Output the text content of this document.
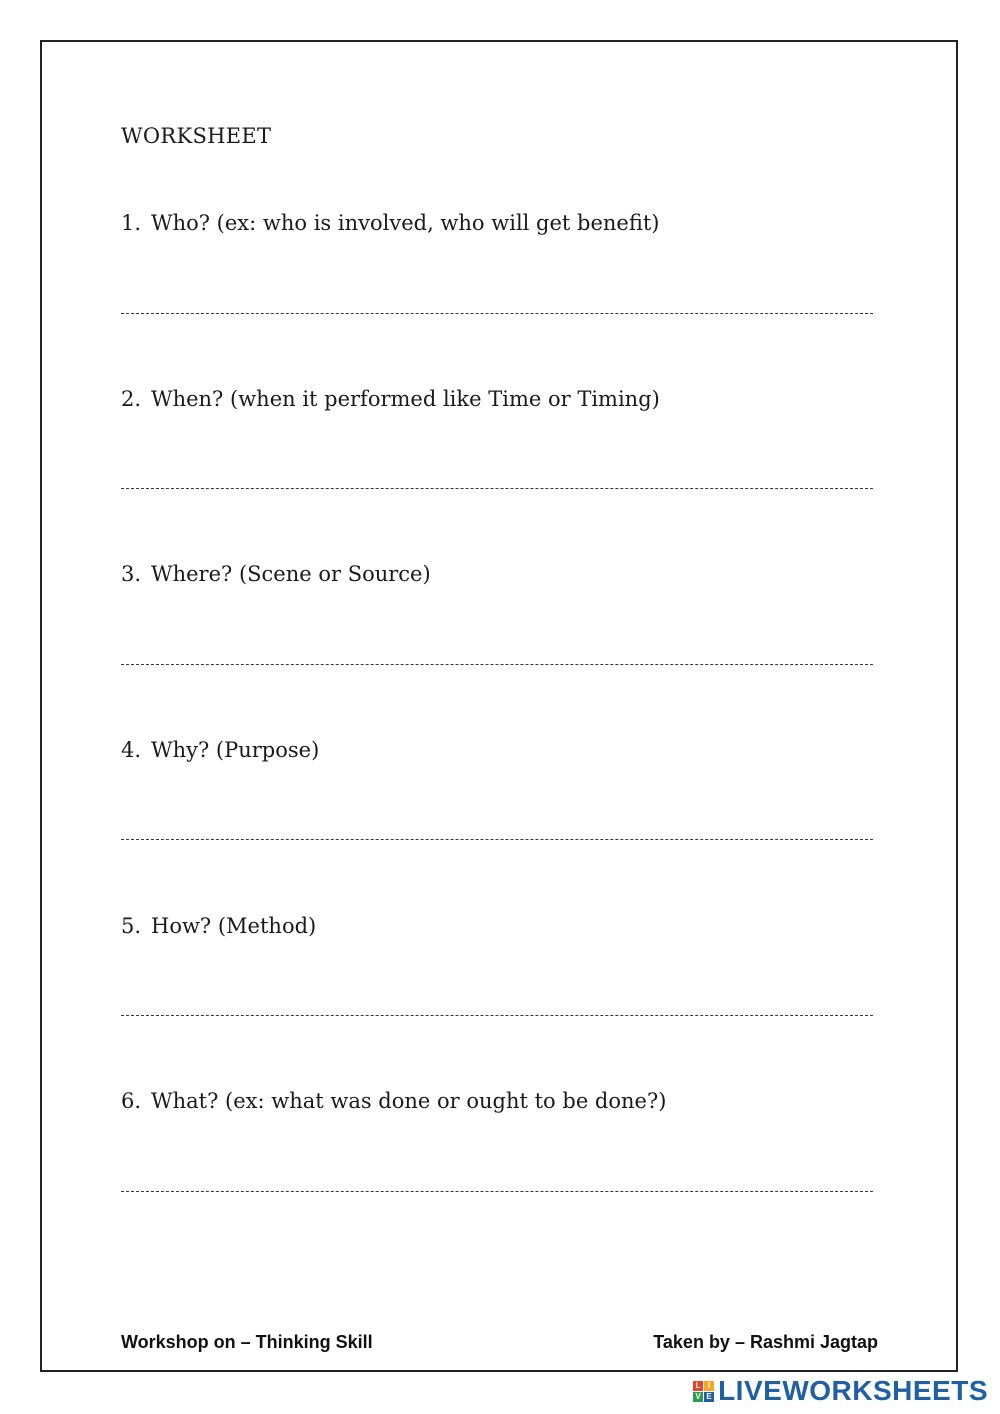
WORKSHEET
1. Who? (ex: who is involved, who will get benefit)
2. When? (when it performed like Time or Timing)
3. Where? (Scene or Source)
4. Why? (Purpose)
5. How? (Method)
6. What? (ex: what was done or ought to be done?)
Workshop on – Thinking Skill	Taken by – Rashmi Jagtap
L I
V E LIVEWORKSHEETS
